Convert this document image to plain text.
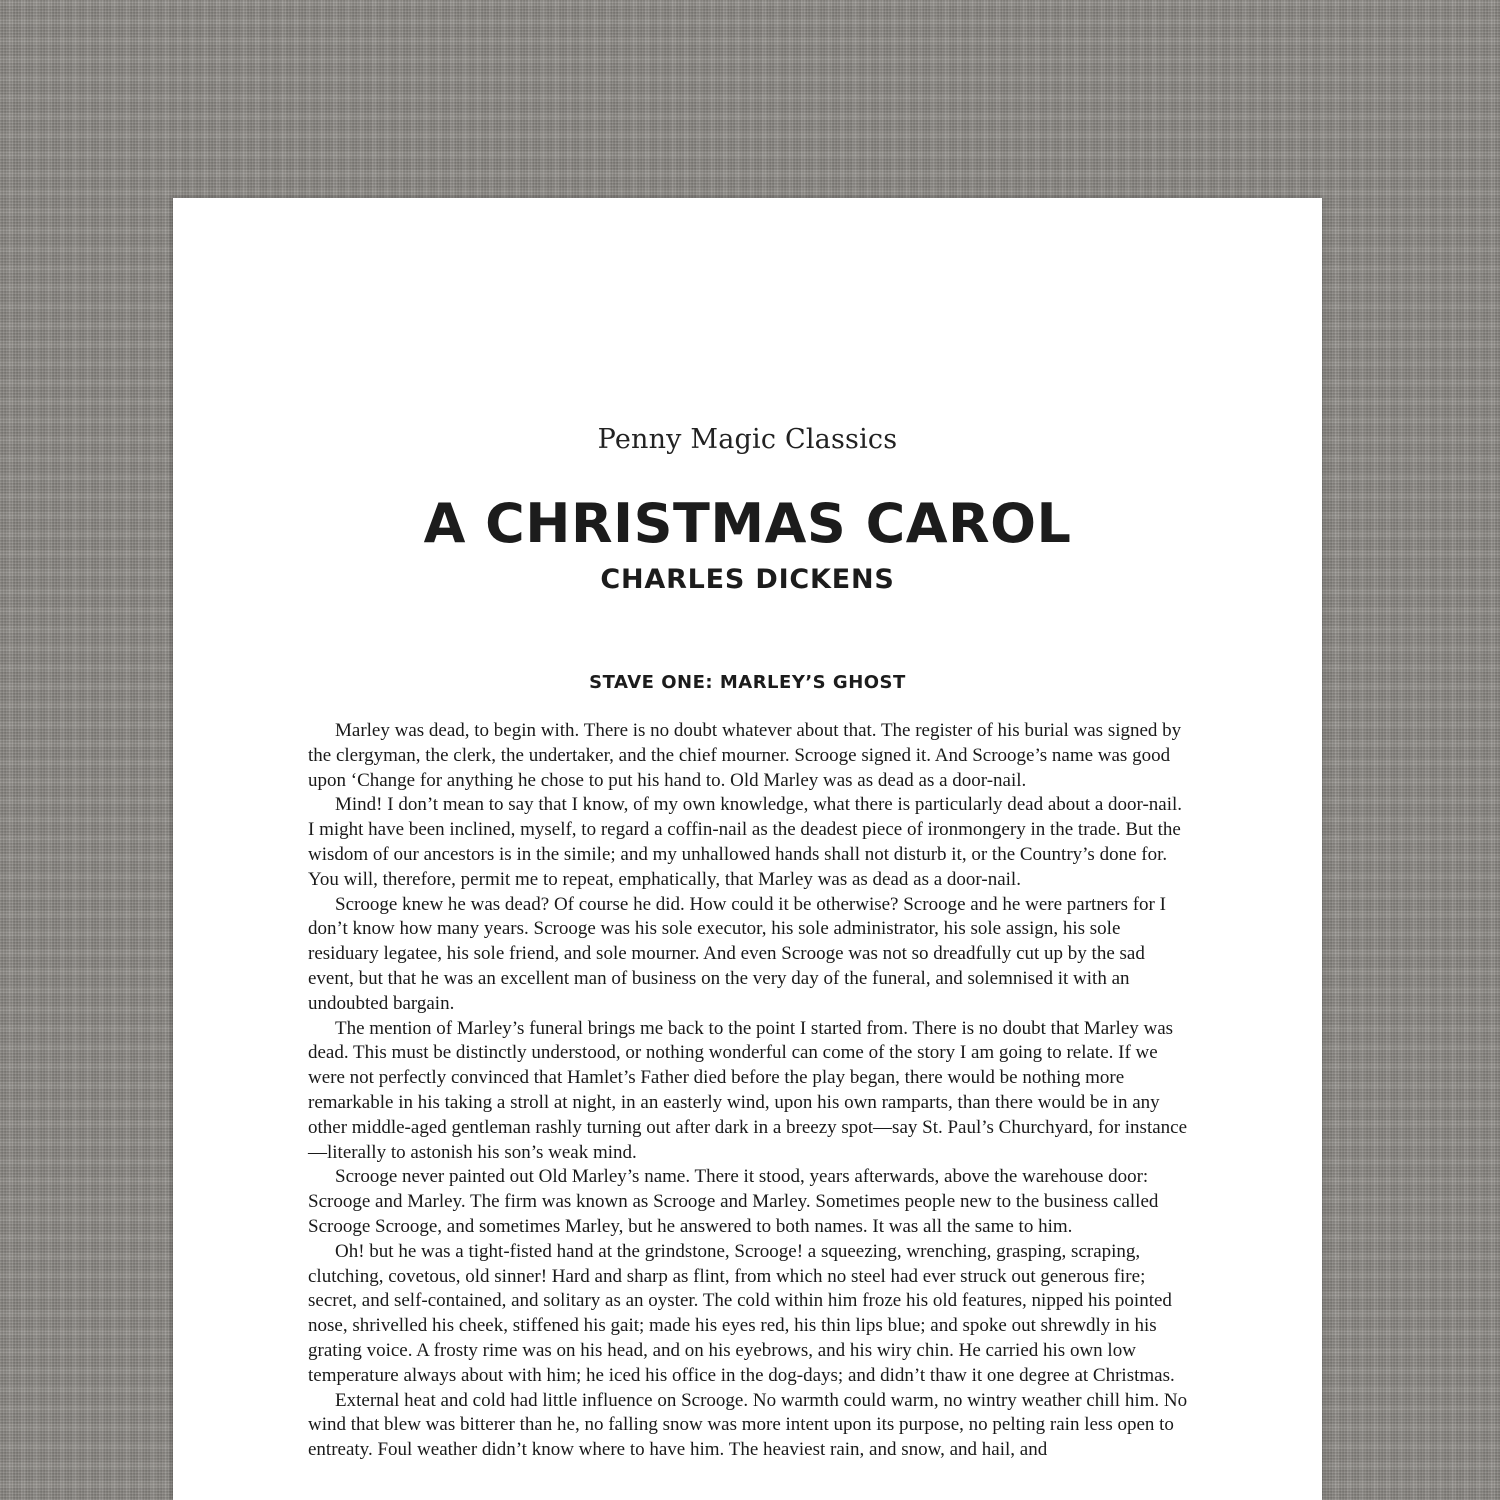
Penny Magic Classics
A CHRISTMAS CAROL
CHARLES DICKENS
STAVE ONE: MARLEY’S GHOST

Marley was dead, to begin with. There is no doubt whatever about that. The register of his burial was signed by the clergyman, the clerk, the undertaker, and the chief mourner. Scrooge signed it. And Scrooge’s name was good upon ‘Change for anything he chose to put his hand to. Old Marley was as dead as a door-nail.

Mind! I don’t mean to say that I know, of my own knowledge, what there is particularly dead about a door-nail. I might have been inclined, myself, to regard a coffin-nail as the deadest piece of ironmongery in the trade. But the wisdom of our ancestors is in the simile; and my unhallowed hands shall not disturb it, or the Country’s done for. You will, therefore, permit me to repeat, emphatically, that Marley was as dead as a door-nail.

Scrooge knew he was dead? Of course he did. How could it be otherwise? Scrooge and he were partners for I don’t know how many years. Scrooge was his sole executor, his sole administrator, his sole assign, his sole residuary legatee, his sole friend, and sole mourner. And even Scrooge was not so dreadfully cut up by the sad event, but that he was an excellent man of business on the very day of the funeral, and solemnised it with an undoubted bargain.

The mention of Marley’s funeral brings me back to the point I started from. There is no doubt that Marley was dead. This must be distinctly understood, or nothing wonderful can come of the story I am going to relate. If we were not perfectly convinced that Hamlet’s Father died before the play began, there would be nothing more remarkable in his taking a stroll at night, in an easterly wind, upon his own ramparts, than there would be in any other middle-aged gentleman rashly turning out after dark in a breezy spot—say St. Paul’s Churchyard, for instance—literally to astonish his son’s weak mind.

Scrooge never painted out Old Marley’s name. There it stood, years afterwards, above the warehouse door: Scrooge and Marley. The firm was known as Scrooge and Marley. Sometimes people new to the business called Scrooge Scrooge, and sometimes Marley, but he answered to both names. It was all the same to him.

Oh! but he was a tight-fisted hand at the grindstone, Scrooge! a squeezing, wrenching, grasping, scraping, clutching, covetous, old sinner! Hard and sharp as flint, from which no steel had ever struck out generous fire; secret, and self-contained, and solitary as an oyster. The cold within him froze his old features, nipped his pointed nose, shrivelled his cheek, stiffened his gait; made his eyes red, his thin lips blue; and spoke out shrewdly in his grating voice. A frosty rime was on his head, and on his eyebrows, and his wiry chin. He carried his own low temperature always about with him; he iced his office in the dog-days; and didn’t thaw it one degree at Christmas.

External heat and cold had little influence on Scrooge. No warmth could warm, no wintry weather chill him. No wind that blew was bitterer than he, no falling snow was more intent upon its purpose, no pelting rain less open to entreaty. Foul weather didn’t know where to have him. The heaviest rain, and snow, and hail, and
